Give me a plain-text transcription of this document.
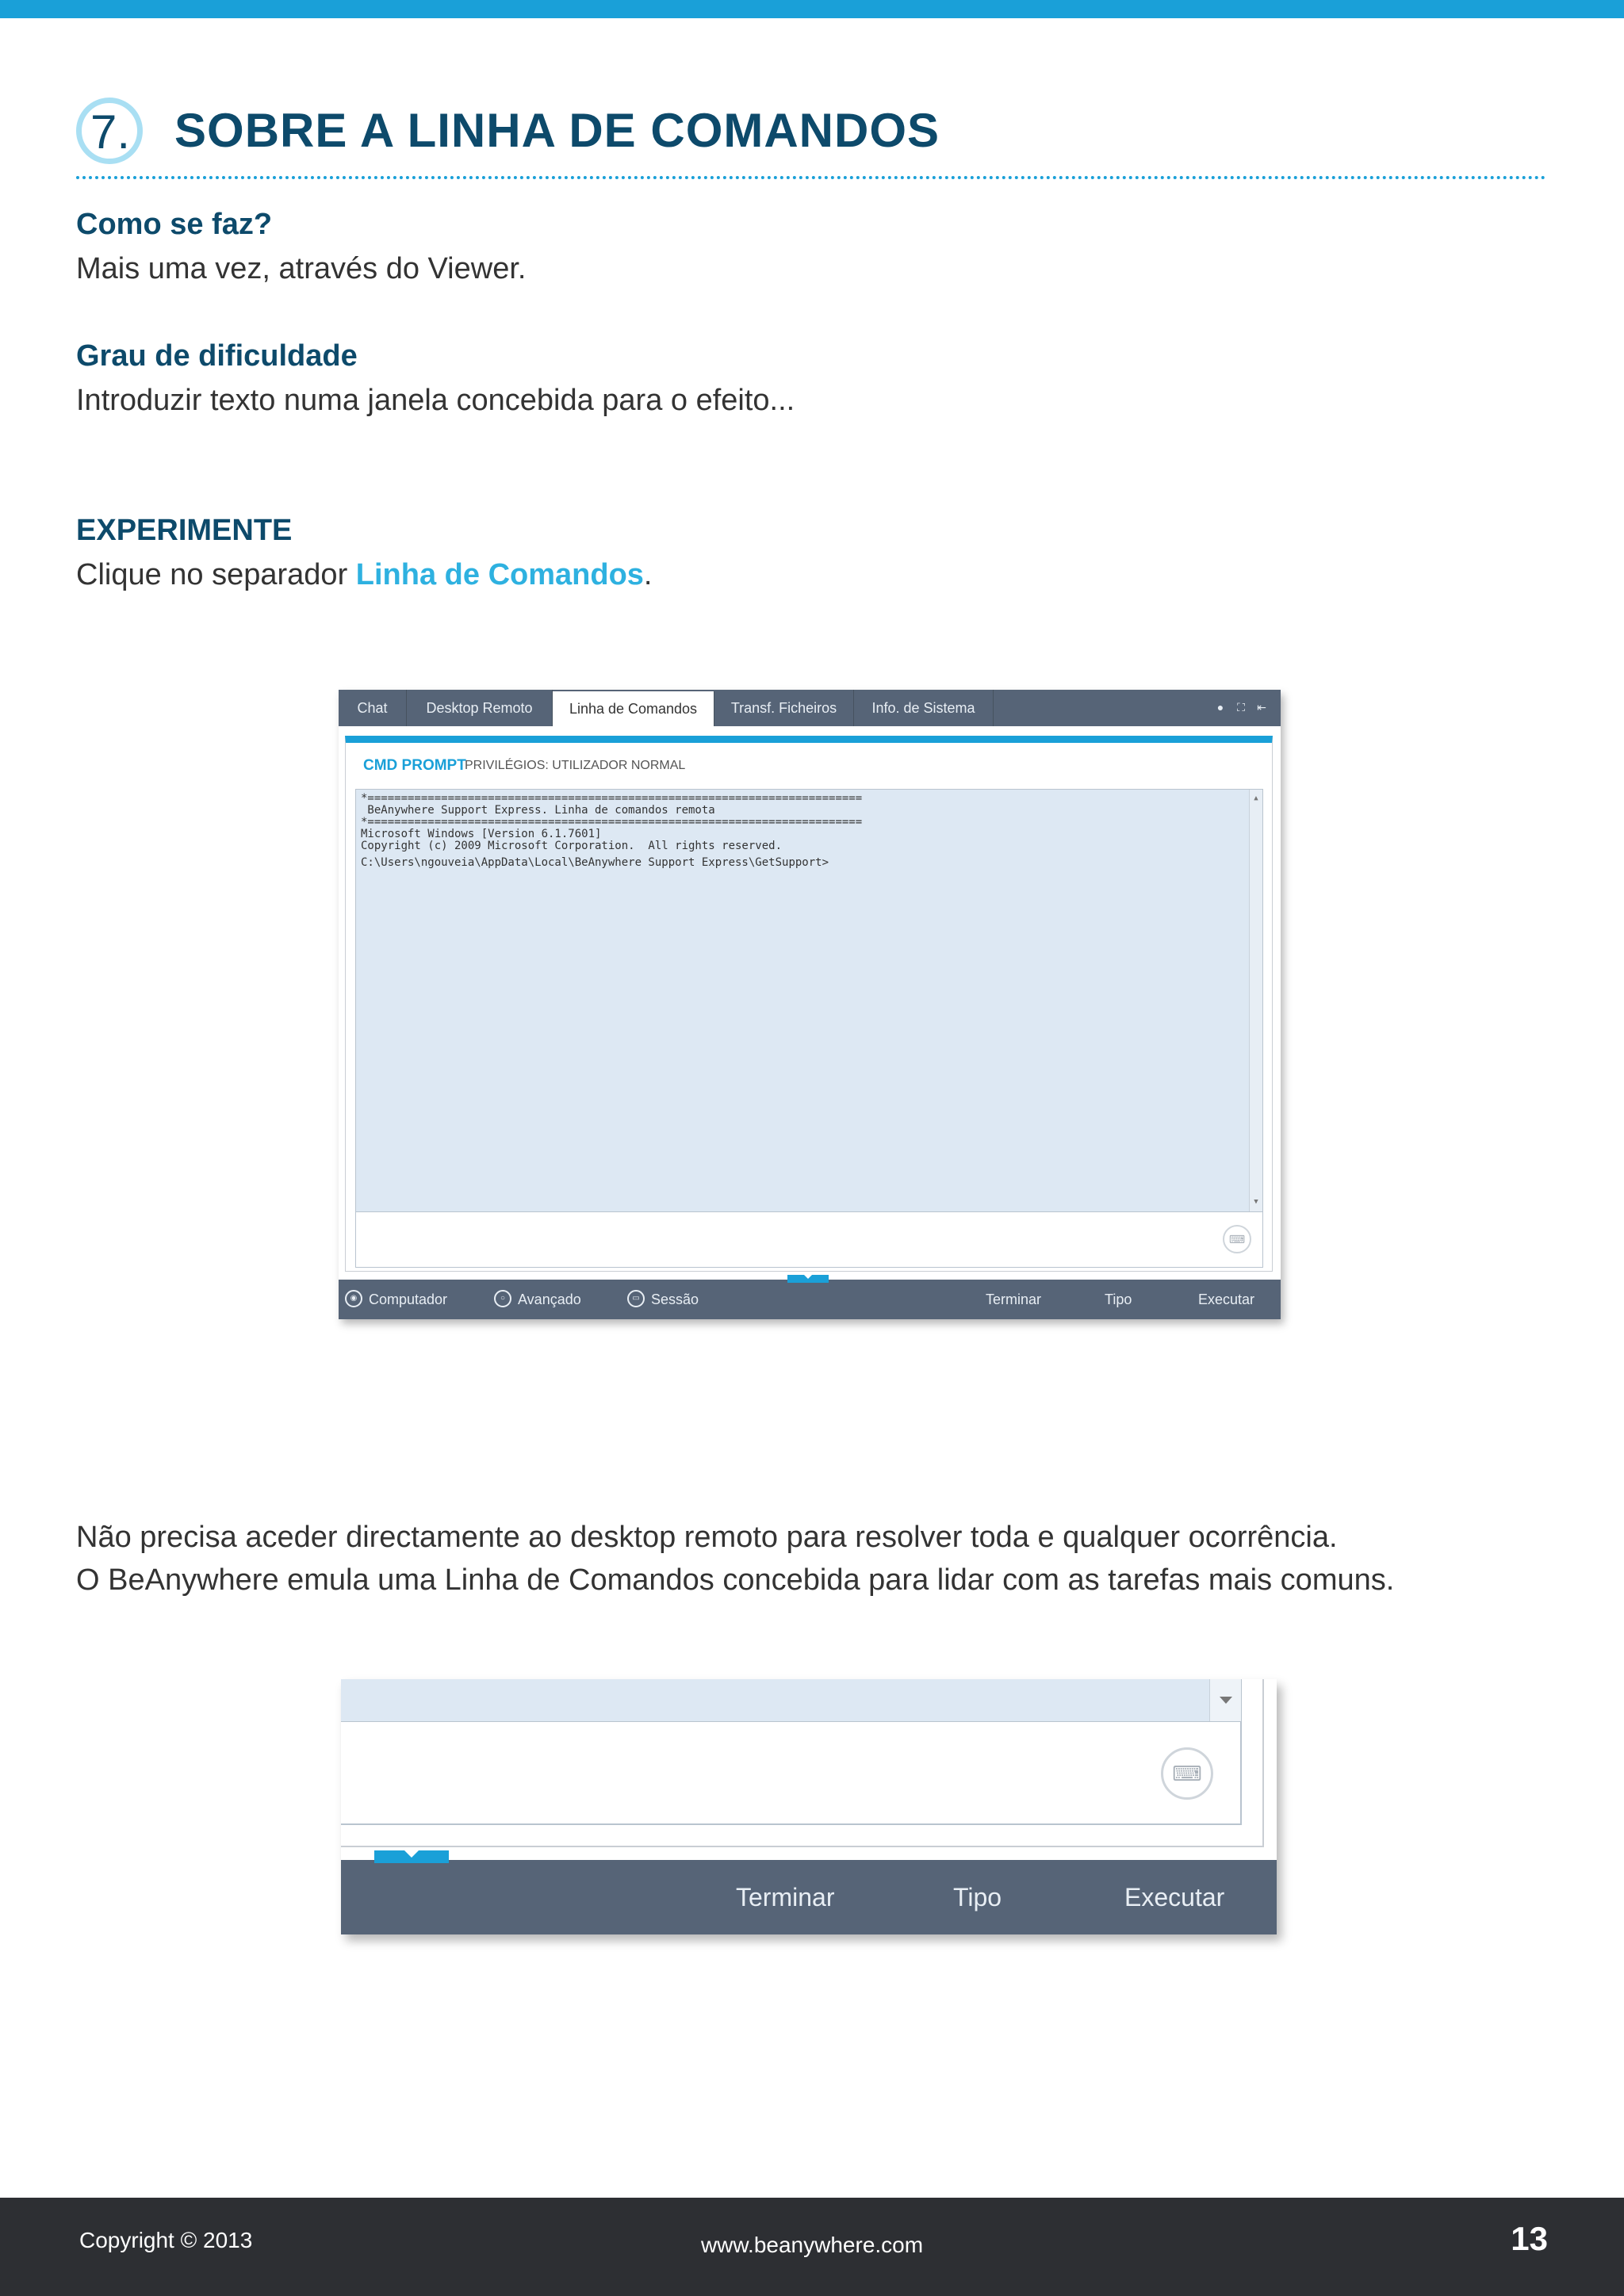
7. SOBRE A LINHA DE COMANDOS
Como se faz?
Mais uma vez, através do Viewer.
Grau de dificuldade
Introduzir texto numa janela concebida para o efeito...
EXPERIMENTE
Clique no separador Linha de Comandos.
Chat	Desktop Remoto	Linha de Comandos	Transf. Ficheiros	Info. de Sistema	● ⛶ ⇤
CMD PROMPT
PRIVILÉGIOS: UTILIZADOR NORMAL
*==========================================================================
BeAnywhere Support Express. Linha de comandos remota
*==========================================================================
Microsoft Windows [Version 6.1.7601]
Copyright (c) 2009 Microsoft Corporation.  All rights reserved.
C:\Users\ngouveia\AppData\Local\BeAnywhere Support Express\GetSupport>

▲

▼

⌨
◉ Computador	○ Avançado	▭ Sessão	Terminar	Tipo	Executar
Não precisa aceder directamente ao desktop remoto para resolver toda e qualquer ocorrência.
O BeAnywhere emula uma Linha de Comandos concebida para lidar com as tarefas mais comuns.
⌨
Terminar	Tipo	Executar
Copyright © 2013	www.beanywhere.com	13
